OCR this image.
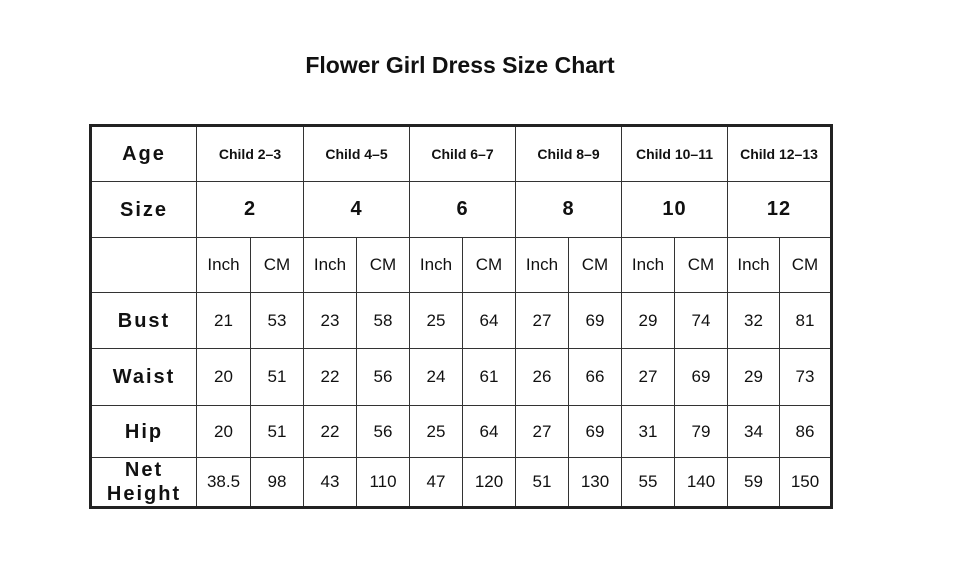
Flower Girl Dress Size Chart
Age	Child 2–3		Child 4–5		Child 6–7		Child 8–9		Child 10–11		Child 12–13	
Size	2		4		6		8		10		12	
	Inch	CM	Inch	CM	Inch	CM	Inch	CM	Inch	CM	Inch	CM
Bust	21	53	23	58	25	64	27	69	29	74	32	81
Waist	20	51	22	56	24	61	26	66	27	69	29	73
Hip	20	51	22	56	25	64	27	69	31	79	34	86

Net
Height	38.5	98	43	110	47	120	51	130	55	140	59	150
